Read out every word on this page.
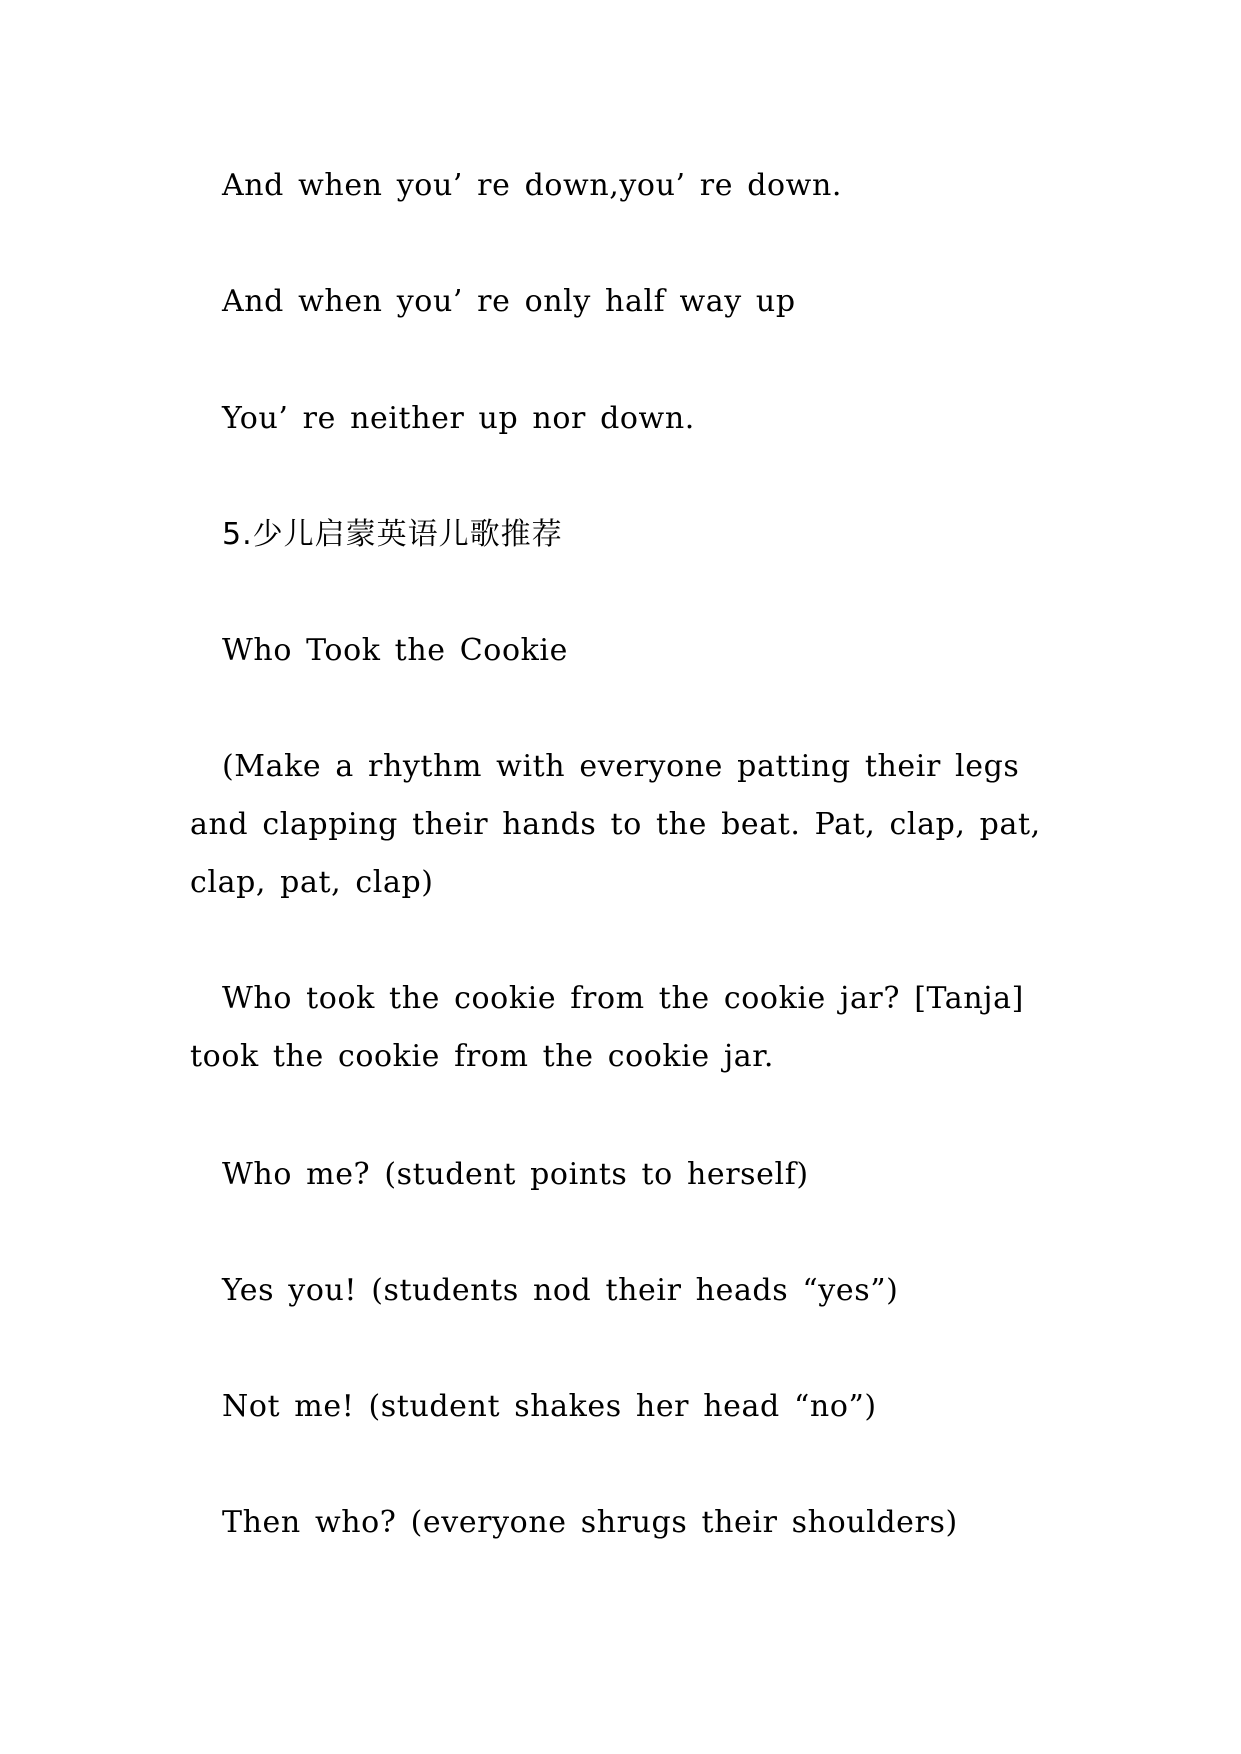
And when you’ re down,you’ re down.

And when you’ re only half way up

You’ re neither up nor down.

5.少儿启蒙英语儿歌推荐

Who Took the Cookie

(Make a rhythm with everyone patting their legs and clapping their hands to the beat. Pat, clap, pat, clap, pat, clap)

Who took the cookie from the cookie jar? [Tanja] took the cookie from the cookie jar.

Who me? (student points to herself)

Yes you! (students nod their heads “yes”)

Not me! (student shakes her head “no”)

Then who? (everyone shrugs their shoulders)
